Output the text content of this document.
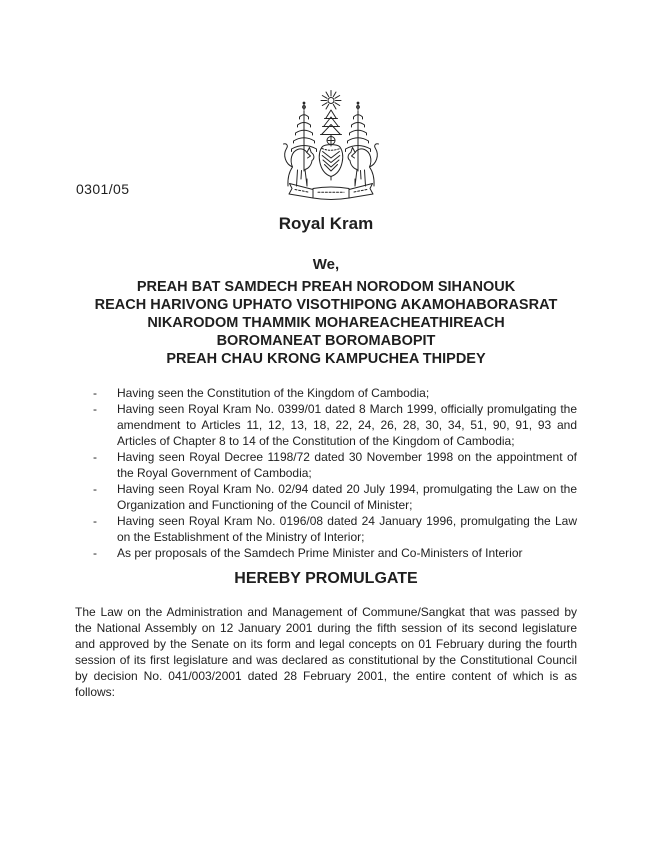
0301/05
Royal Kram
We,
PREAH BAT SAMDECH PREAH NORODOM SIHANOUK
REACH HARIVONG UPHATO VISOTHIPONG AKAMOHABORASRAT
NIKARODOM THAMMIK MOHAREACHEATHIREACH
BOROMANEAT BOROMABOPIT
PREAH CHAU KRONG KAMPUCHEA THIPDEY
- Having seen the Constitution of the Kingdom of Cambodia;
- Having seen Royal Kram No. 0399/01 dated 8 March 1999, officially promulgating the amendment to Articles 11, 12, 13, 18, 22, 24, 26, 28, 30, 34, 51, 90, 91, 93 and Articles of Chapter 8 to 14 of the Constitution of the Kingdom of Cambodia;
- Having seen Royal Decree 1198/72 dated 30 November 1998 on the appointment of the Royal Government of Cambodia;
- Having seen Royal Kram No. 02/94 dated 20 July 1994, promulgating the Law on the Organization and Functioning of the Council of Minister;
- Having seen Royal Kram No. 0196/08 dated 24 January 1996, promulgating the Law on the Establishment of the Ministry of Interior;
- As per proposals of the Samdech Prime Minister and Co-Ministers of Interior
HEREBY PROMULGATE

The Law on the Administration and Management of Commune/Sangkat that was passed by the National Assembly on 12 January 2001 during the fifth session of its second legislature and approved by the Senate on its form and legal concepts on 01 February during the fourth session of its first legislature and was declared as constitutional by the Constitutional Council by decision No. 041/003/2001 dated 28 February 2001, the entire content of which is as follows:
